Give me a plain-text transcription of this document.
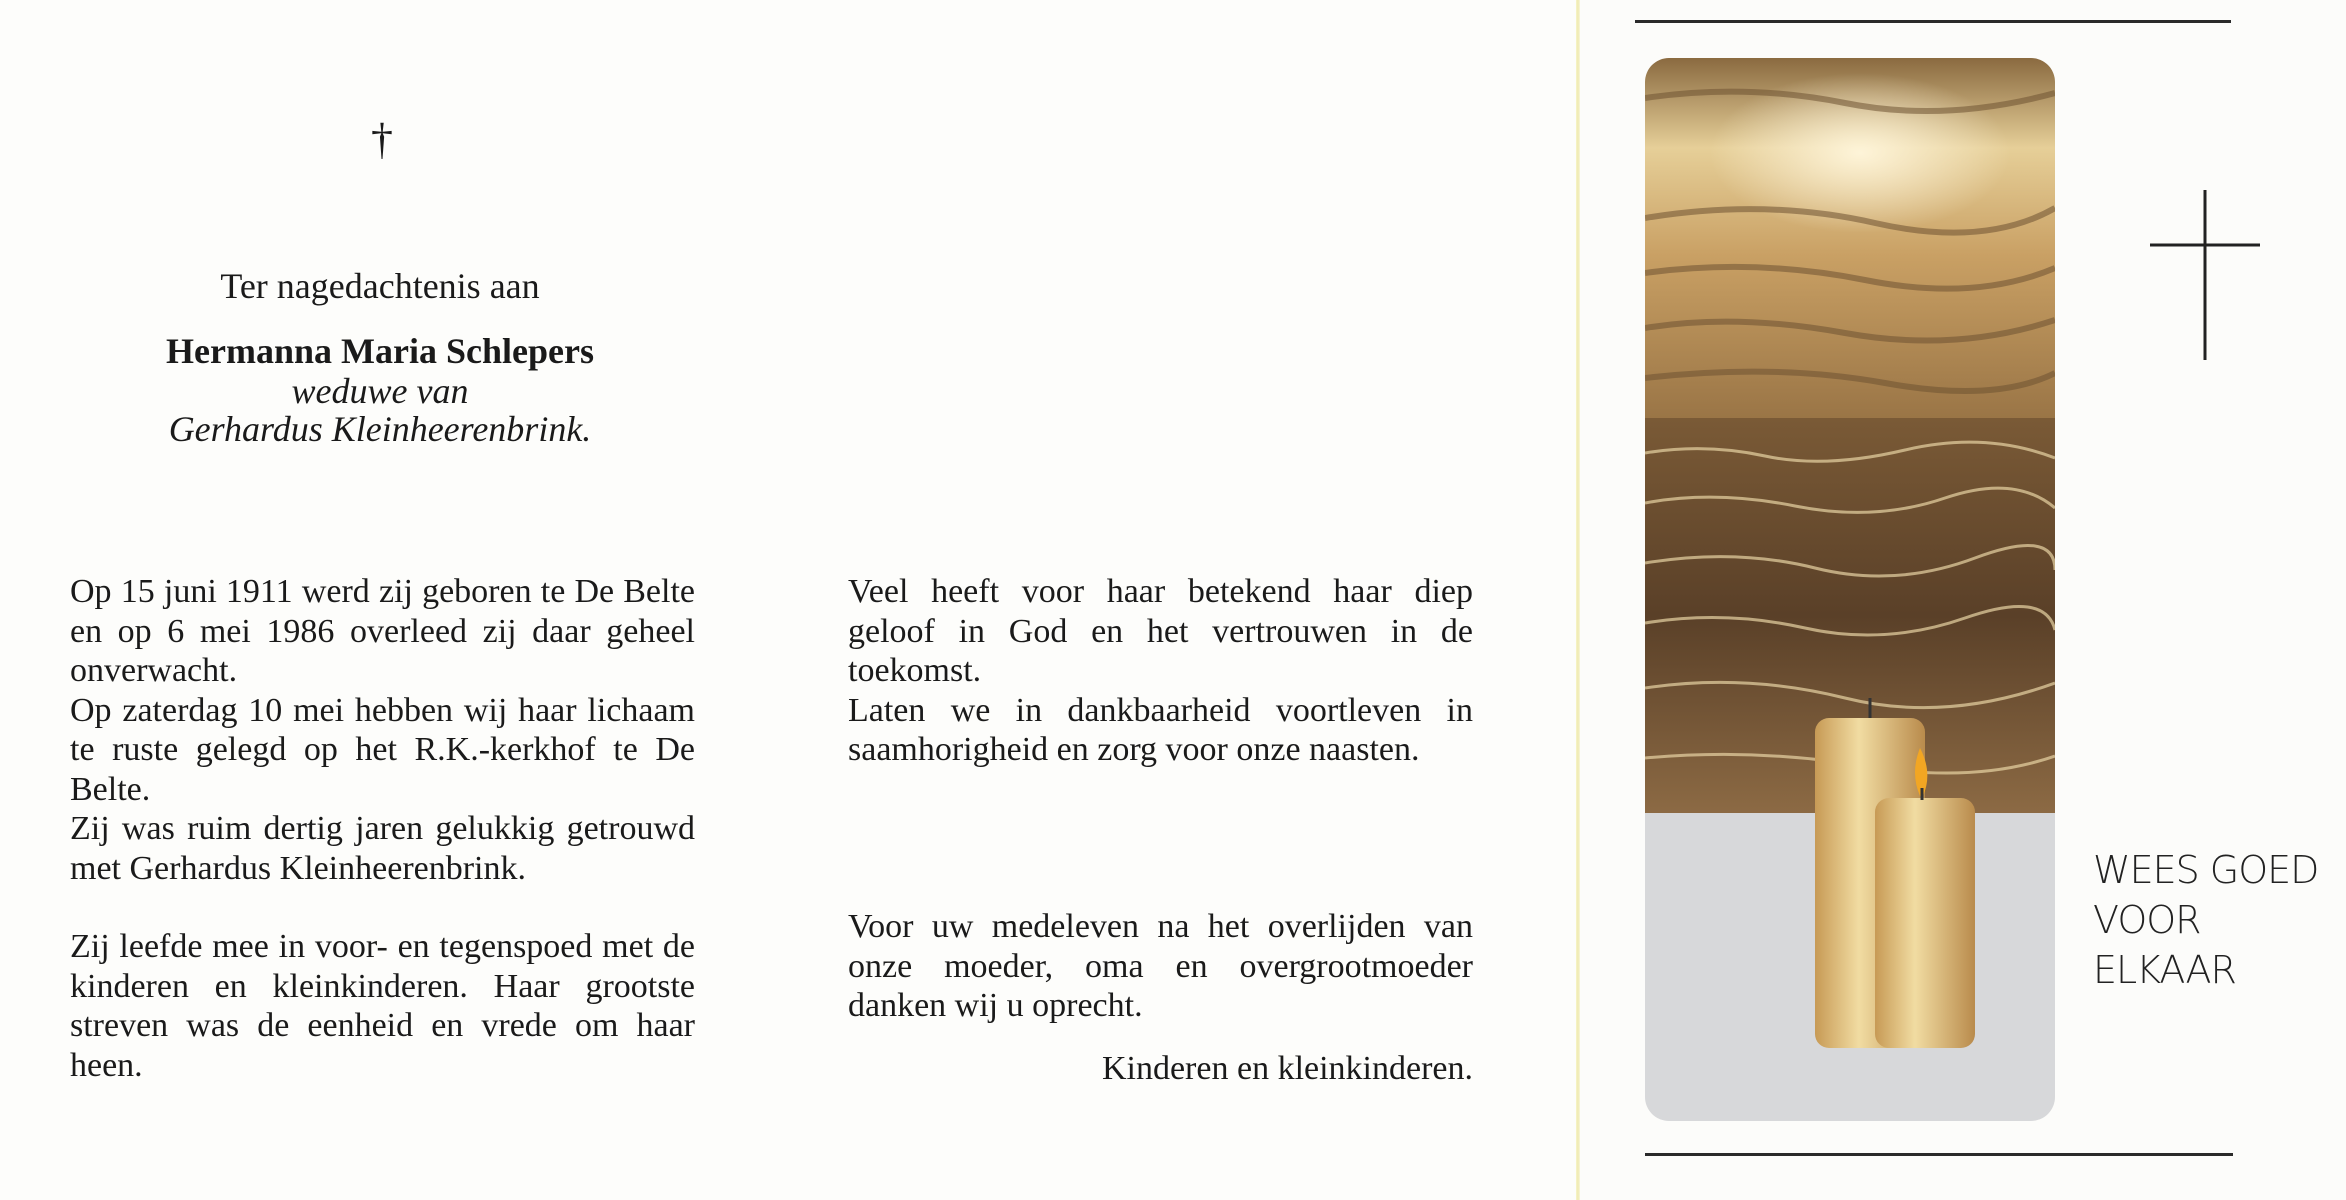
†
Ter nagedachtenis aan
Hermanna Maria Schlepers
weduwe van
Gerhardus Kleinheerenbrink.

Op 15 juni 1911 werd zij geboren te De Belte en op 6 mei 1986 overleed zij daar geheel onverwacht.

Op zaterdag 10 mei hebben wij haar lichaam te ruste gelegd op het R.K.-kerkhof te De Belte.

Zij was ruim dertig jaren gelukkig getrouwd met Gerhardus Kleinheerenbrink.

Zij leefde mee in voor- en tegenspoed met de kinderen en kleinkinderen. Haar grootste streven was de eenheid en vrede om haar heen.

Veel heeft voor haar betekend haar diep geloof in God en het vertrouwen in de toekomst.

Laten we in dankbaarheid voortleven in saamhorigheid en zorg voor onze naasten.

Voor uw medeleven na het overlijden van onze moeder, oma en overgrootmoeder danken wij u oprecht.

Kinderen en kleinkinderen.
WEES GOED
VOOR
ELKAAR
